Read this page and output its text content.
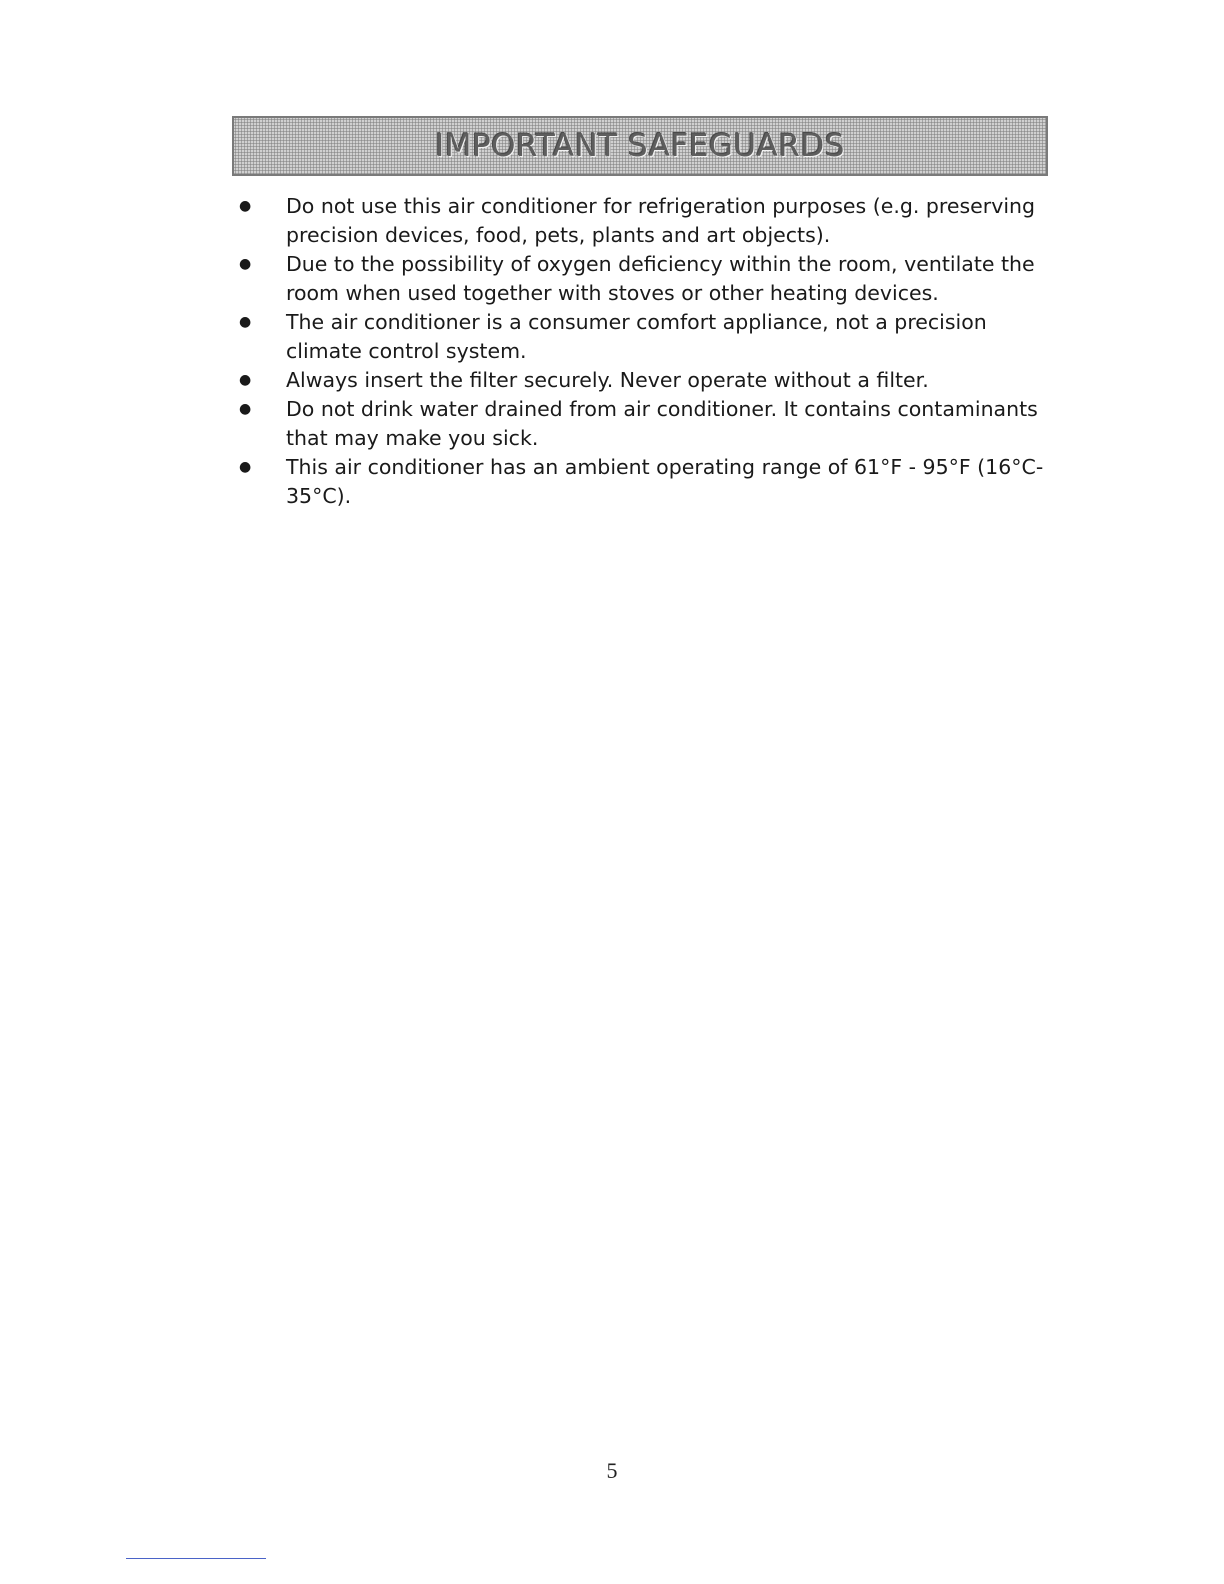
IMPORTANT SAFEGUARDS
● Do not use this air conditioner for refrigeration purposes (e.g. preserving precision devices, food, pets, plants and art objects).
● Due to the possibility of oxygen deficiency within the room, ventilate the room when used together with stoves or other heating devices.
● The air conditioner is a consumer comfort appliance, not a precision climate control system.
● Always insert the filter securely. Never operate without a filter.
● Do not drink water drained from air conditioner. It contains contaminants that may make you sick.
● This air conditioner has an ambient operating range of 61°F - 95°F (16°C-35°C).
5
